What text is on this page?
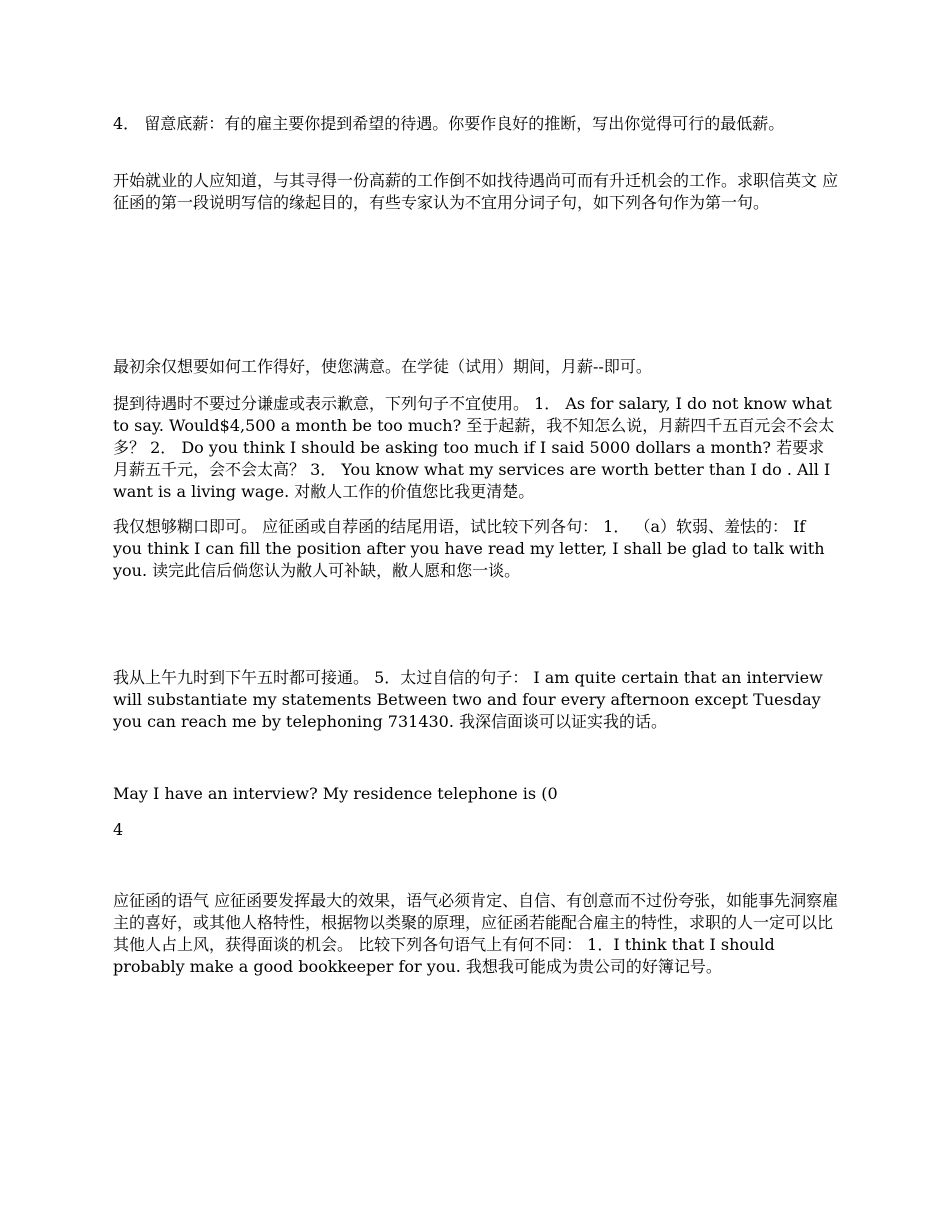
4． 留意底薪：有的雇主要你提到希望的待遇。你要作良好的推断，写出你觉得可行的最低薪。

开始就业的人应知道，与其寻得一份高薪的工作倒不如找待遇尚可而有升迁机会的工作。求职信英文 应征函的第一段说明写信的缘起目的，有些专家认为不宜用分词子句，如下列各句作为第一句。

最初余仅想要如何工作得好，使您满意。在学徒（试用）期间，月薪--即可。

提到待遇时不要过分谦虚或表示歉意，下列句子不宜使用。 1． As for salary, I do not know what to say. Would$4,500 a month be too much? 至于起薪，我不知怎么说，月薪四千五百元会不会太多？ 2． Do you think I should be asking too much if I said 5000 dollars a month? 若要求月薪五千元，会不会太高？ 3． You know what my services are worth better than I do . All I want is a living wage. 对敝人工作的价值您比我更清楚。

我仅想够糊口即可。 应征函或自荐函的结尾用语，试比较下列各句： 1． （a）软弱、羞怯的： If you think I can fill the position after you have read my letter, I shall be glad to talk with you. 读完此信后倘您认为敝人可补缺，敝人愿和您一谈。

我从上午九时到下午五时都可接通。 5．太过自信的句子： I am quite certain that an interview will substantiate my statements Between two and four every afternoon except Tuesday you can reach me by telephoning 731430. 我深信面谈可以证实我的话。

May I have an interview? My residence telephone is (0

4

应征函的语气 应征函要发挥最大的效果，语气必须肯定、自信、有创意而不过份夸张，如能事先洞察雇主的喜好，或其他人格特性，根据物以类聚的原理，应征函若能配合雇主的特性，求职的人一定可以比其他人占上风，获得面谈的机会。 比较下列各句语气上有何不同： 1．I think that I should probably make a good bookkeeper for you. 我想我可能成为贵公司的好簿记号。
